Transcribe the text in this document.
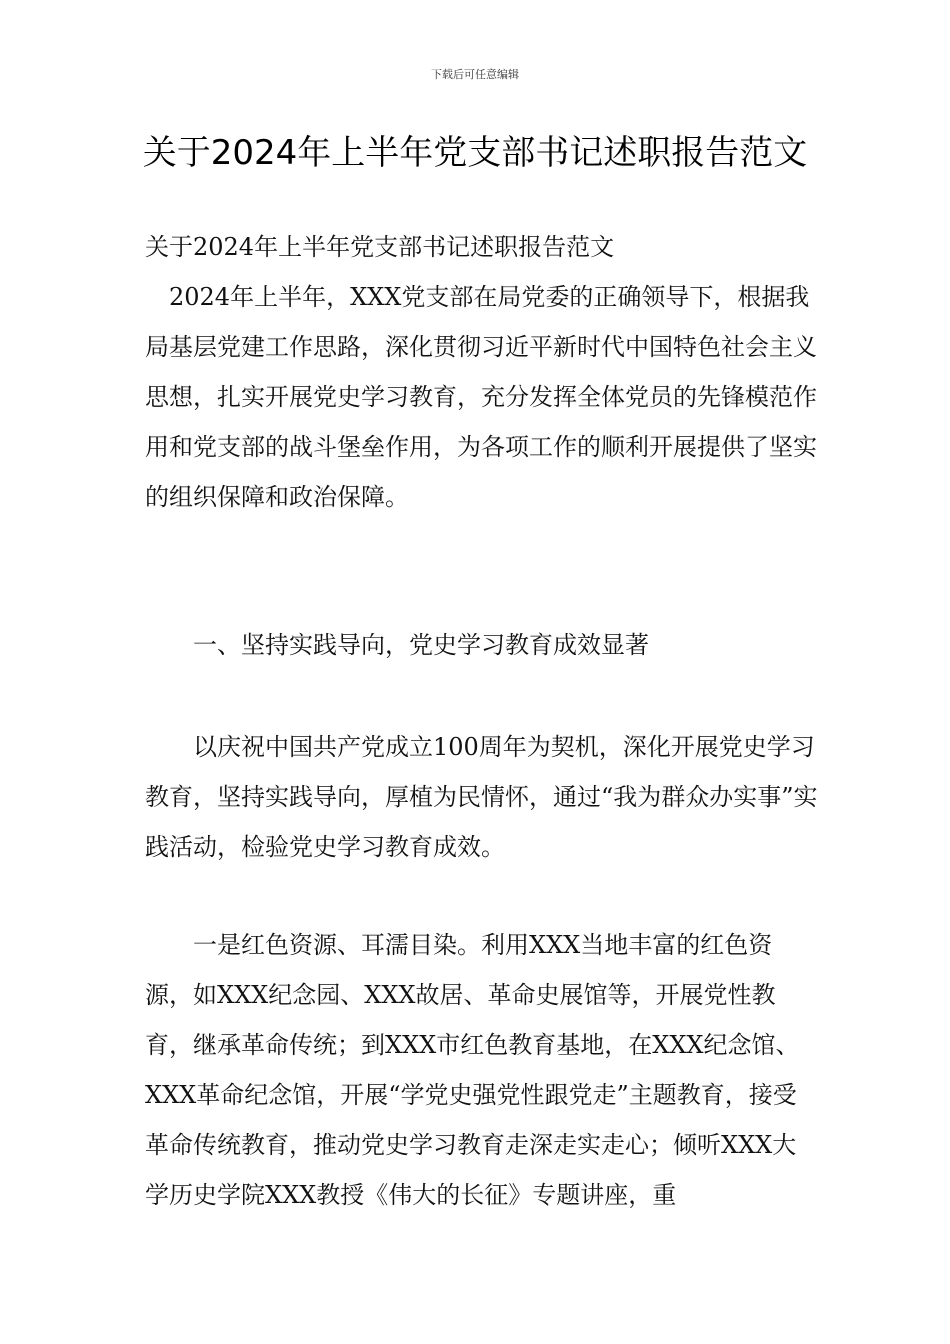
下载后可任意编辑
关于2024年上半年党支部书记述职报告范文
关于2024年上半年党支部书记述职报告范文
2024年上半年，XXX党支部在局党委的正确领导下，根据我局基层党建工作思路，深化贯彻习近平新时代中国特色社会主义思想，扎实开展党史学习教育，充分发挥全体党员的先锋模范作用和党支部的战斗堡垒作用，为各项工作的顺利开展提供了坚实的组织保障和政治保障。
一、坚持实践导向，党史学习教育成效显著
以庆祝中国共产党成立100周年为契机，深化开展党史学习教育，坚持实践导向，厚植为民情怀，通过“我为群众办实事”实践活动，检验党史学习教育成效。
一是红色资源、耳濡目染。利用XXX当地丰富的红色资源，如XXX纪念园、XXX故居、革命史展馆等，开展党性教育，继承革命传统；到XXX市红色教育基地，在XXX纪念馆、XXX革命纪念馆，开展“学党史强党性跟党走”主题教育，接受革命传统教育，推动党史学习教育走深走实走心；倾听XXX大学历史学院XXX教授《伟大的长征》专题讲座，重
